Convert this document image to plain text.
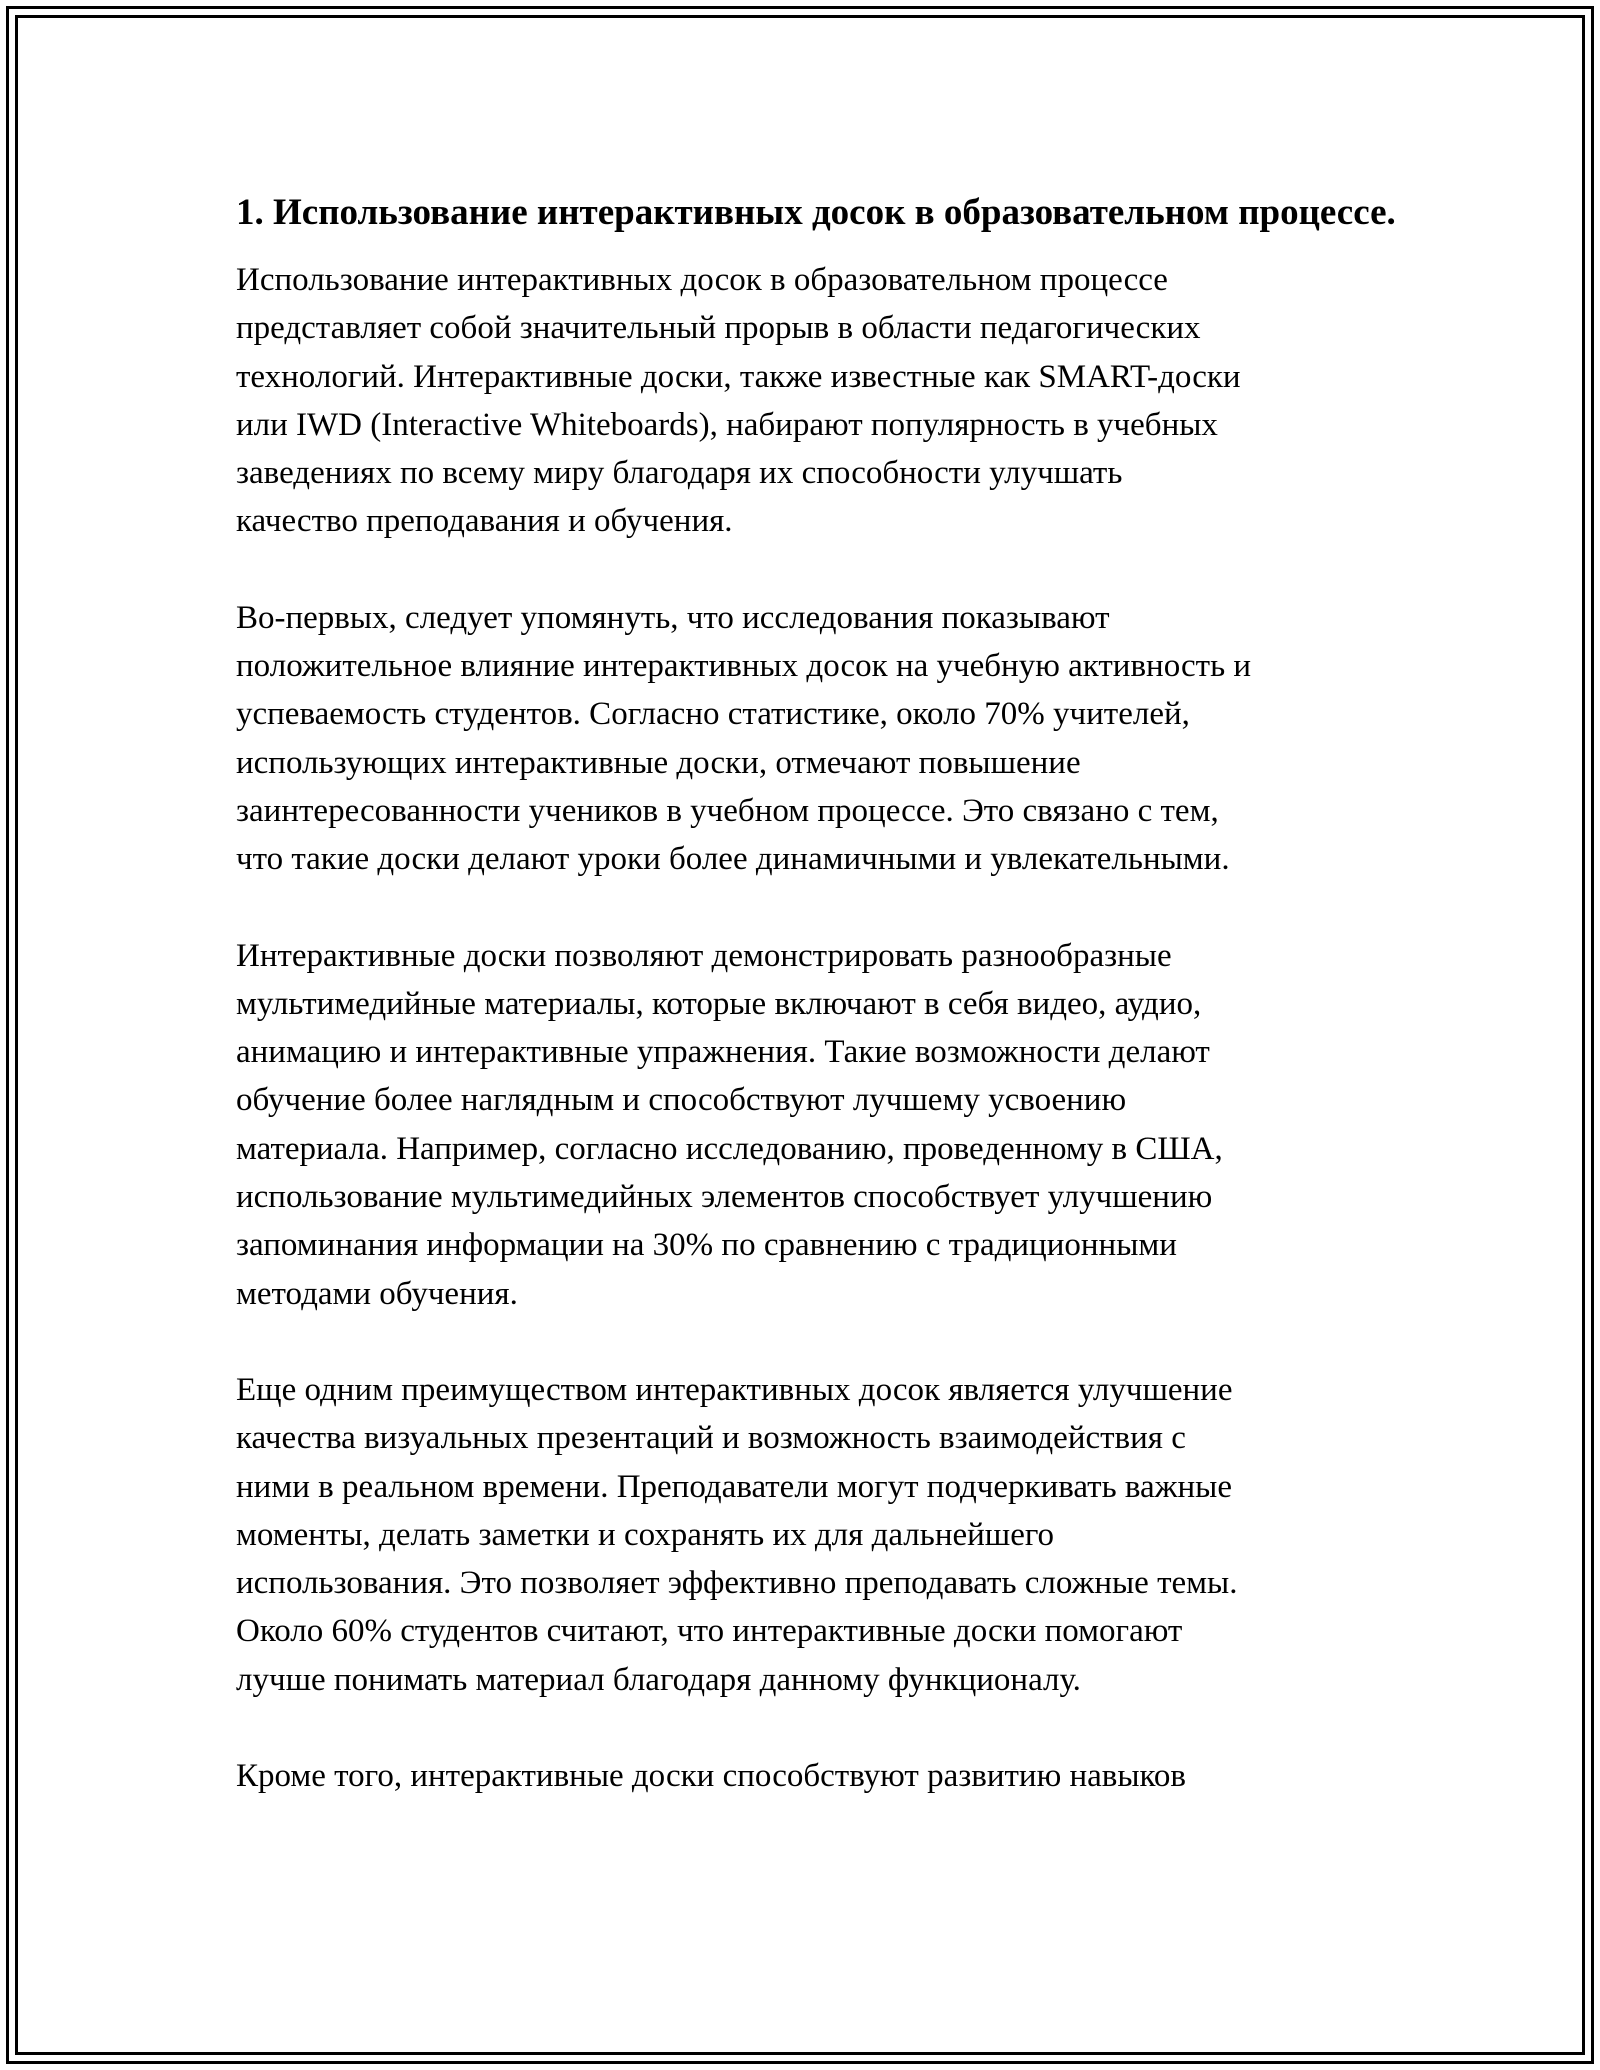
1. Использование интерактивных досок в образовательном процессе.

Использование интерактивных досок в образовательном процессе
представляет собой значительный прорыв в области педагогических
технологий. Интерактивные доски, также известные как SMART-доски
или IWD (Interactive Whiteboards), набирают популярность в учебных
заведениях по всему миру благодаря их способности улучшать
качество преподавания и обучения.

Во-первых, следует упомянуть, что исследования показывают
положительное влияние интерактивных досок на учебную активность и
успеваемость студентов. Согласно статистике, около 70% учителей,
использующих интерактивные доски, отмечают повышение
заинтересованности учеников в учебном процессе. Это связано с тем,
что такие доски делают уроки более динамичными и увлекательными.

Интерактивные доски позволяют демонстрировать разнообразные
мультимедийные материалы, которые включают в себя видео, аудио,
анимацию и интерактивные упражнения. Такие возможности делают
обучение более наглядным и способствуют лучшему усвоению
материала. Например, согласно исследованию, проведенному в США,
использование мультимедийных элементов способствует улучшению
запоминания информации на 30% по сравнению с традиционными
методами обучения.

Еще одним преимуществом интерактивных досок является улучшение
качества визуальных презентаций и возможность взаимодействия с
ними в реальном времени. Преподаватели могут подчеркивать важные
моменты, делать заметки и сохранять их для дальнейшего
использования. Это позволяет эффективно преподавать сложные темы.
Около 60% студентов считают, что интерактивные доски помогают
лучше понимать материал благодаря данному функционалу.

Кроме того, интерактивные доски способствуют развитию навыков
